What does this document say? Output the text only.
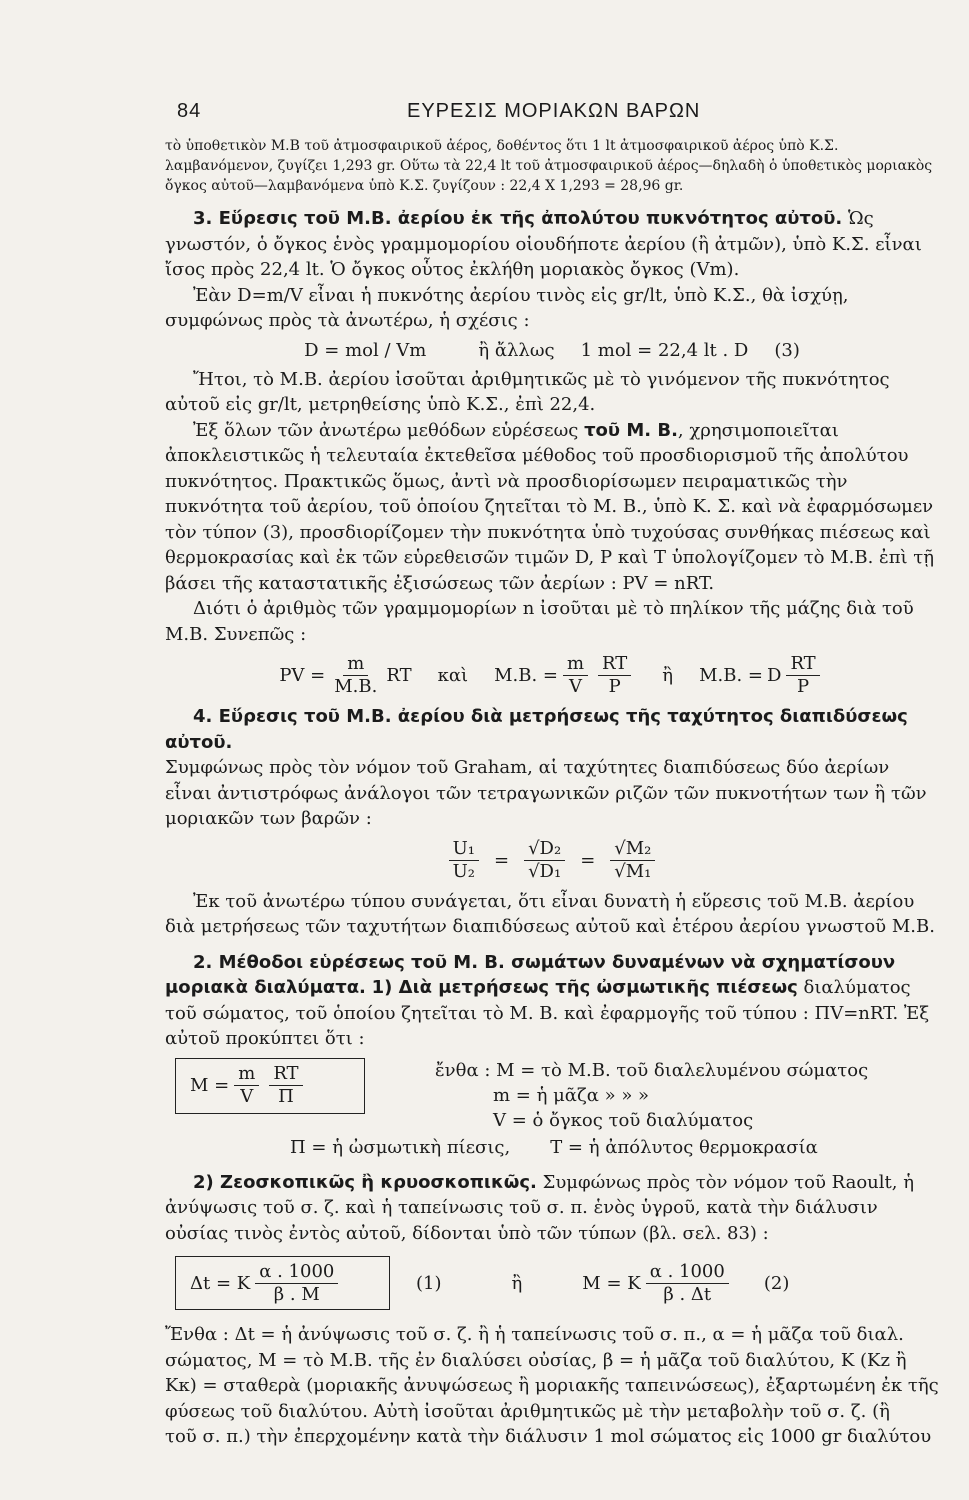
84	ΕΥΡΕΣΙΣ ΜΟΡΙΑΚΩΝ ΒΑΡΩΝ

τὸ ὑποθετικὸν Μ.Β τοῦ ἀτμοσφαιρικοῦ ἀέρος, δοθέντος ὅτι 1 lt ἀτμοσφαιρικοῦ ἀέρος ὑπὸ Κ.Σ. λαμβανόμενον, ζυγίζει 1,293 gr. Οὕτω τὰ 22,4 lt τοῦ ἀτμοσφαιρικοῦ ἀέρος—δηλαδὴ ὁ ὑποθετικὸς μοριακὸς ὄγκος αὐτοῦ—λαμβανόμενα ὑπὸ Κ.Σ. ζυγίζουν : 22,4 Χ 1,293 = 28,96 gr.

3. Εὕρεσις τοῦ Μ.Β. ἀερίου ἐκ τῆς ἀπολύτου πυκνότητος αὐτοῦ. Ὡς γνωστόν, ὁ ὄγκος ἑνὸς γραμμομορίου οἱουδήποτε ἀερίου (ἢ ἀτμῶν), ὑπὸ Κ.Σ. εἶναι ἴσος πρὸς 22,4 lt. Ὁ ὄγκος οὗτος ἐκλήθη μοριακὸς ὄγκος (Vm).

Ἐὰν D=m/V εἶναι ἡ πυκνότης ἀερίου τινὸς εἰς gr/lt, ὑπὸ Κ.Σ., θὰ ἰσχύῃ, συμφώνως πρὸς τὰ ἀνωτέρω, ἡ σχέσις :

D = mol / Vm	ἢ ἄλλως 1 mol = 22,4 lt . D (3)

Ἤτοι, τὸ Μ.Β. ἀερίου ἰσοῦται ἀριθμητικῶς μὲ τὸ γινόμενον τῆς πυκνότητος αὐτοῦ εἰς gr/lt, μετρηθείσης ὑπὸ Κ.Σ., ἐπὶ 22,4.

Ἐξ ὅλων τῶν ἀνωτέρω μεθόδων εὑρέσεως τοῦ Μ. Β., χρησιμοποιεῖται ἀποκλειστικῶς ἡ τελευταία ἐκτεθεῖσα μέθοδος τοῦ προσδιορισμοῦ τῆς ἀπολύτου πυκνότητος. Πρακτικῶς ὅμως, ἀντὶ νὰ προσδιορίσωμεν πειραματικῶς τὴν πυκνότητα τοῦ ἀερίου, τοῦ ὁποίου ζητεῖται τὸ Μ. Β., ὑπὸ Κ. Σ. καὶ νὰ ἐφαρμόσωμεν τὸν τύπον (3), προσδιορίζομεν τὴν πυκνότητα ὑπὸ τυχούσας συνθήκας πιέσεως καὶ θερμοκρασίας καὶ ἐκ τῶν εὑρεθεισῶν τιμῶν D, P καὶ T ὑπολογίζομεν τὸ Μ.Β. ἐπὶ τῇ βάσει τῆς καταστατικῆς ἐξισώσεως τῶν ἀερίων : PV = nRT.

Διότι ὁ ἀριθμὸς τῶν γραμμομορίων n ἰσοῦται μὲ τὸ πηλίκον τῆς μάζης διὰ τοῦ Μ.Β. Συνεπῶς :

PV = $\frac{m}{M.B.}$ RT καὶ Μ.Β. = $\frac{m}{V} \frac{RT}{P}$ ἢ Μ.Β. = D $\frac{RT}{P}$

4. Εὕρεσις τοῦ Μ.Β. ἀερίου διὰ μετρήσεως τῆς ταχύτητος διαπιδύσεως αὐτοῦ.

Συμφώνως πρὸς τὸν νόμον τοῦ Graham, αἱ ταχύτητες διαπιδύσεως δύο ἀερίων εἶναι ἀντιστρόφως ἀνάλογοι τῶν τετραγωνικῶν ριζῶν τῶν πυκνοτήτων των ἢ τῶν μοριακῶν των βαρῶν :

$\frac{\text{U₁}}{\text{U₂}} = \frac{\text{√D₂}}{\text{√D₁}} = \frac{\text{√M₂}}{\text{√M₁}}$

Ἐκ τοῦ ἀνωτέρω τύπου συνάγεται, ὅτι εἶναι δυνατὴ ἡ εὕρεσις τοῦ Μ.Β. ἀερίου διὰ μετρήσεως τῶν ταχυτήτων διαπιδύσεως αὐτοῦ καὶ ἑτέρου ἀερίου γνωστοῦ Μ.Β.

2. Μέθοδοι εὑρέσεως τοῦ Μ. Β. σωμάτων δυναμένων νὰ σχηματίσουν μοριακὰ διαλύματα. 1) Διὰ μετρήσεως τῆς ὠσμωτικῆς πιέσεως διαλύματος τοῦ σώματος, τοῦ ὁποίου ζητεῖται τὸ Μ. Β. καὶ ἐφαρμογῆς τοῦ τύπου : ΠV=nRT. Ἐξ αὐτοῦ προκύπτει ὅτι :

$M = \frac{m}{V} \frac{RT}{\Pi}$	ἔνθα : Μ = τὸ Μ.Β. τοῦ διαλελυμένου σώματος
m = ἡ μᾶζα » » »
V = ὁ ὄγκος τοῦ διαλύματος
Π = ἡ ὠσμωτικὴ πίεσις, Τ = ἡ ἀπόλυτος θερμοκρασία

2) Ζεοσκοπικῶς ἢ κρυοσκοπικῶς. Συμφώνως πρὸς τὸν νόμον τοῦ Raoult, ἡ ἀνύψωσις τοῦ σ. ζ. καὶ ἡ ταπείνωσις τοῦ σ. π. ἑνὸς ὑγροῦ, κατὰ τὴν διάλυσιν οὐσίας τινὸς ἐντὸς αὐτοῦ, δίδονται ὑπὸ τῶν τύπων (βλ. σελ. 83) :

Δt = Κ $\frac{\alpha . 1000}{\beta . M}$	(1)	ἢ	Μ = Κ $\frac{\alpha . 1000}{\beta . \Delta t} (2)$

Ἔνθα : Δt = ἡ ἀνύψωσις τοῦ σ. ζ. ἢ ἡ ταπείνωσις τοῦ σ. π., α = ἡ μᾶζα τοῦ διαλ. σώματος, Μ = τὸ Μ.Β. τῆς ἐν διαλύσει οὐσίας, β = ἡ μᾶζα τοῦ διαλύτου, Κ (Κz ἢ Kκ) = σταθερὰ (μοριακῆς ἀνυψώσεως ἢ μοριακῆς ταπεινώσεως), ἐξαρτωμένη ἐκ τῆς φύσεως τοῦ διαλύτου. Αὐτὴ ἰσοῦται ἀριθμητικῶς μὲ τὴν μεταβολὴν τοῦ σ. ζ. (ἢ

τοῦ σ. π.) τὴν ἐπερχομένην κατὰ τὴν διάλυσιν 1 mol σώματος εἰς 1000 gr διαλύτου
